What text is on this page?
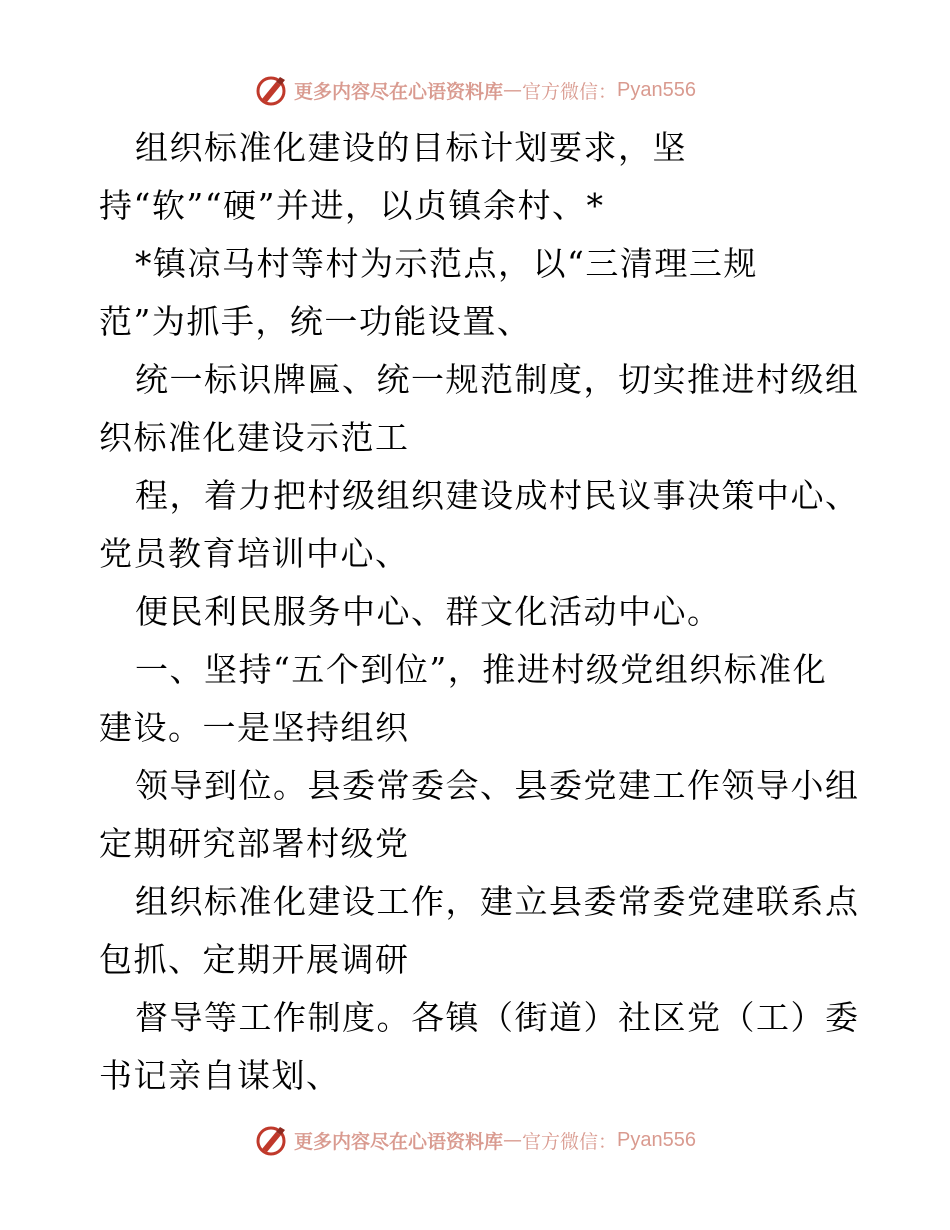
更多内容尽在心语资料库 — 官方微信： Pyan556
组织标准化建设的目标计划要求，坚
持“软”“硬”并进，以贞镇余村、*
*镇凉马村等村为示范点，以“三清理三规
范”为抓手，统一功能设置、
统一标识牌匾、统一规范制度，切实推进村级组
织标准化建设示范工
程，着力把村级组织建设成村民议事决策中心、
党员教育培训中心、
便民利民服务中心、群文化活动中心。
一、坚持“五个到位”，推进村级党组织标准化
建设。一是坚持组织
领导到位。县委常委会、县委党建工作领导小组
定期研究部署村级党
组织标准化建设工作，建立县委常委党建联系点
包抓、定期开展调研
督导等工作制度。各镇（街道）社区党（工）委
书记亲自谋划、
更多内容尽在心语资料库 — 官方微信： Pyan556
